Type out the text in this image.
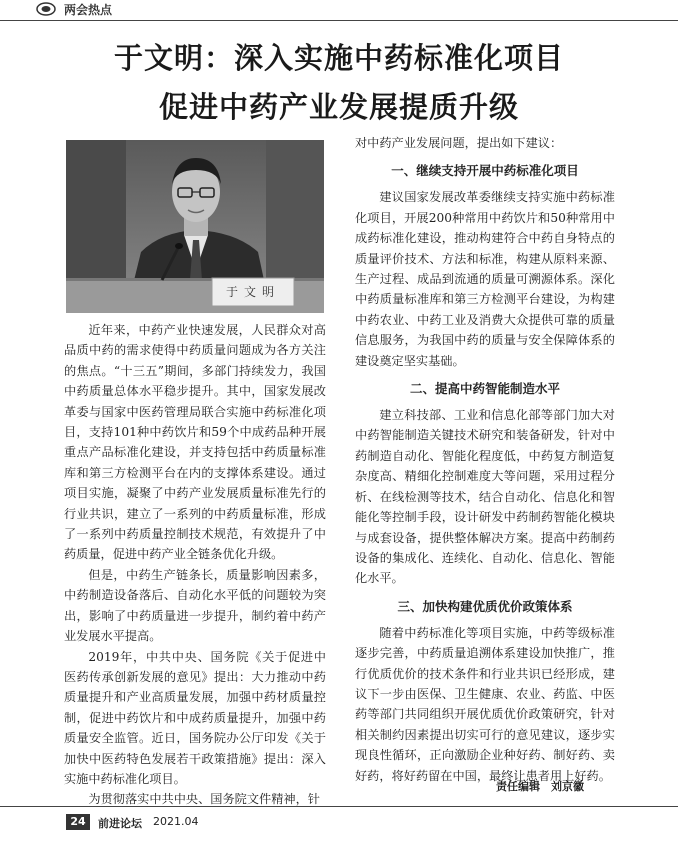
两会热点
于文明：深入实施中药标准化项目
促进中药产业发展提质升级
于文明

近年来，中药产业快速发展，人民群众对高品质中药的需求使得中药质量问题成为各方关注的焦点。“十三五”期间，多部门持续发力，我国中药质量总体水平稳步提升。其中，国家发展改革委与国家中医药管理局联合实施中药标准化项目，支持101种中药饮片和59个中成药品种开展重点产品标准化建设，并支持包括中药质量标准库和第三方检测平台在内的支撑体系建设。通过项目实施，凝聚了中药产业发展质量标准先行的行业共识，建立了一系列的中药质量标准，形成了一系列中药质量控制技术规范，有效提升了中药质量，促进中药产业全链条优化升级。

但是，中药生产链条长，质量影响因素多，中药制造设备落后、自动化水平低的问题较为突出，影响了中药质量进一步提升，制约着中药产业发展水平提高。

2019年，中共中央、国务院《关于促进中医药传承创新发展的意见》提出：大力推动中药质量提升和产业高质量发展，加强中药材质量控制，促进中药饮片和中成药质量提升，加强中药质量安全监管。近日，国务院办公厅印发《关于加快中医药特色发展若干政策措施》提出：深入实施中药标准化项目。

为贯彻落实中共中央、国务院文件精神，针

对中药产业发展问题，提出如下建议：

一、继续支持开展中药标准化项目

建议国家发展改革委继续支持实施中药标准化项目，开展200种常用中药饮片和50种常用中成药标准化建设，推动构建符合中药自身特点的质量评价技术、方法和标准，构建从原料来源、生产过程、成品到流通的质量可溯源体系。深化中药质量标准库和第三方检测平台建设，为构建中药农业、中药工业及消费大众提供可靠的质量信息服务，为我国中药的质量与安全保障体系的建设奠定坚实基础。

二、提高中药智能制造水平

建立科技部、工业和信息化部等部门加大对中药智能制造关键技术研究和装备研发，针对中药制造自动化、智能化程度低，中药复方制造复杂度高、精细化控制难度大等问题，采用过程分析、在线检测等技术，结合自动化、信息化和智能化等控制手段，设计研发中药制药智能化模块与成套设备，提供整体解决方案。提高中药制药设备的集成化、连续化、自动化、信息化、智能化水平。

三、加快构建优质优价政策体系

随着中药标准化等项目实施，中药等级标准逐步完善，中药质量追溯体系建设加快推广，推行优质优价的技术条件和行业共识已经形成，建议下一步由医保、卫生健康、农业、药监、中医药等部门共同组织开展优质优价政策研究，针对相关制约因素提出切实可行的意见建议，逐步实现良性循环，正向激励企业种好药、制好药、卖好药，将好药留在中国，最终让患者用上好药。

责任编辑　刘京徽
24	前进论坛 2021.04
